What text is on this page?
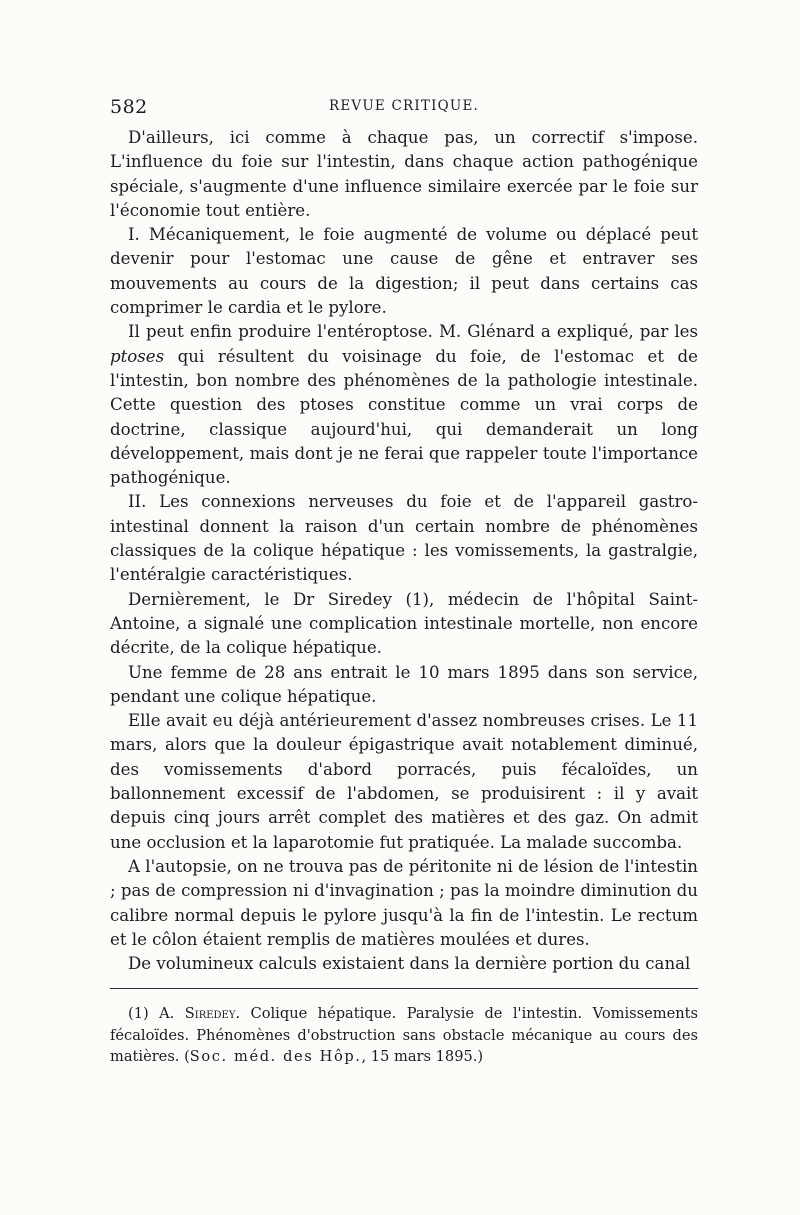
582	REVUE CRITIQUE.

D'ailleurs, ici comme à chaque pas, un correctif s'impose. L'influence du foie sur l'intestin, dans chaque action pathogénique spéciale, s'augmente d'une influence similaire exercée par le foie sur l'économie tout entière.

I. Mécaniquement, le foie augmenté de volume ou déplacé peut devenir pour l'estomac une cause de gêne et entraver ses mouvements au cours de la digestion; il peut dans certains cas comprimer le cardia et le pylore.

Il peut enfin produire l'entéroptose. M. Glénard a expliqué, par les ptoses qui résultent du voisinage du foie, de l'estomac et de l'intestin, bon nombre des phénomènes de la pathologie intestinale. Cette question des ptoses constitue comme un vrai corps de doctrine, classique aujourd'hui, qui demanderait un long développement, mais dont je ne ferai que rappeler toute l'importance pathogénique.

II. Les connexions nerveuses du foie et de l'appareil gastro-intestinal donnent la raison d'un certain nombre de phénomènes classiques de la colique hépatique : les vomissements, la gastralgie, l'entéralgie caractéristiques.

Dernièrement, le Dr Siredey (1), médecin de l'hôpital Saint-Antoine, a signalé une complication intestinale mortelle, non encore décrite, de la colique hépatique.

Une femme de 28 ans entrait le 10 mars 1895 dans son service, pendant une colique hépatique.

Elle avait eu déjà antérieurement d'assez nombreuses crises. Le 11 mars, alors que la douleur épigastrique avait notablement diminué, des vomissements d'abord porracés, puis fécaloïdes, un ballonnement excessif de l'abdomen, se produisirent : il y avait depuis cinq jours arrêt complet des matières et des gaz. On admit une occlusion et la laparotomie fut pratiquée. La malade succomba.

A l'autopsie, on ne trouva pas de péritonite ni de lésion de l'intestin ; pas de compression ni d'invagination ; pas la moindre diminution du calibre normal depuis le pylore jusqu'à la fin de l'intestin. Le rectum et le côlon étaient remplis de matières moulées et dures.

De volumineux calculs existaient dans la dernière portion du canal

(1) A. Siredey. Colique hépatique. Paralysie de l'intestin. Vomissements fécaloïdes. Phénomènes d'obstruction sans obstacle mécanique au cours des matières. (Soc. méd. des Hôp., 15 mars 1895.)
